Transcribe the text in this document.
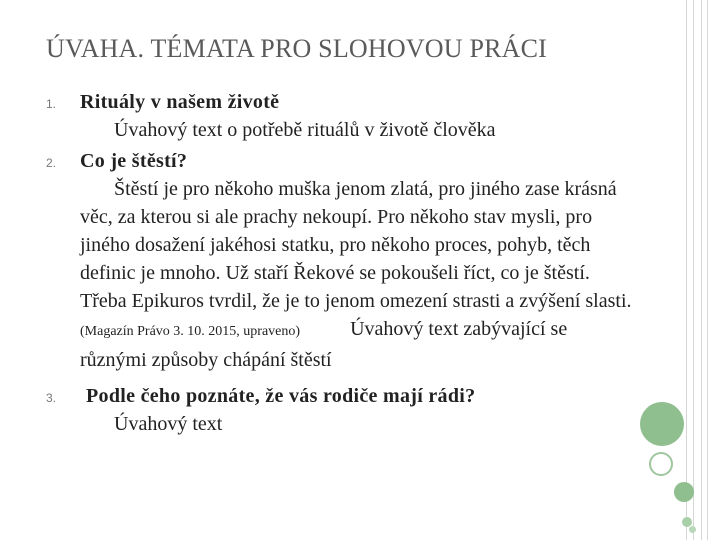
ÚVAHA. TÉMATA PRO SLOHOVOU PRÁCI
1. Rituály v našem životě
Úvahový text o potřebě rituálů v životě člověka
2. Co je štěstí?
Štěstí je pro někoho muška jenom zlatá, pro jiného zase krásná věc, za kterou si ale prachy nekoupí. Pro někoho stav mysli, pro jiného dosažení jakéhosi statku, pro někoho proces, pohyb, těch definic je mnoho. Už staří Řekové se pokoušeli říct, co je štěstí. Třeba Epikuros tvrdil, že je to jenom omezení strasti a zvýšení slasti. (Magazín Právo 3. 10. 2015, upraveno)	Úvahový text zabývající se různými způsoby chápání štěstí
3.	Podle čeho poznáte, že vás rodiče mají rádi?
Úvahový text
